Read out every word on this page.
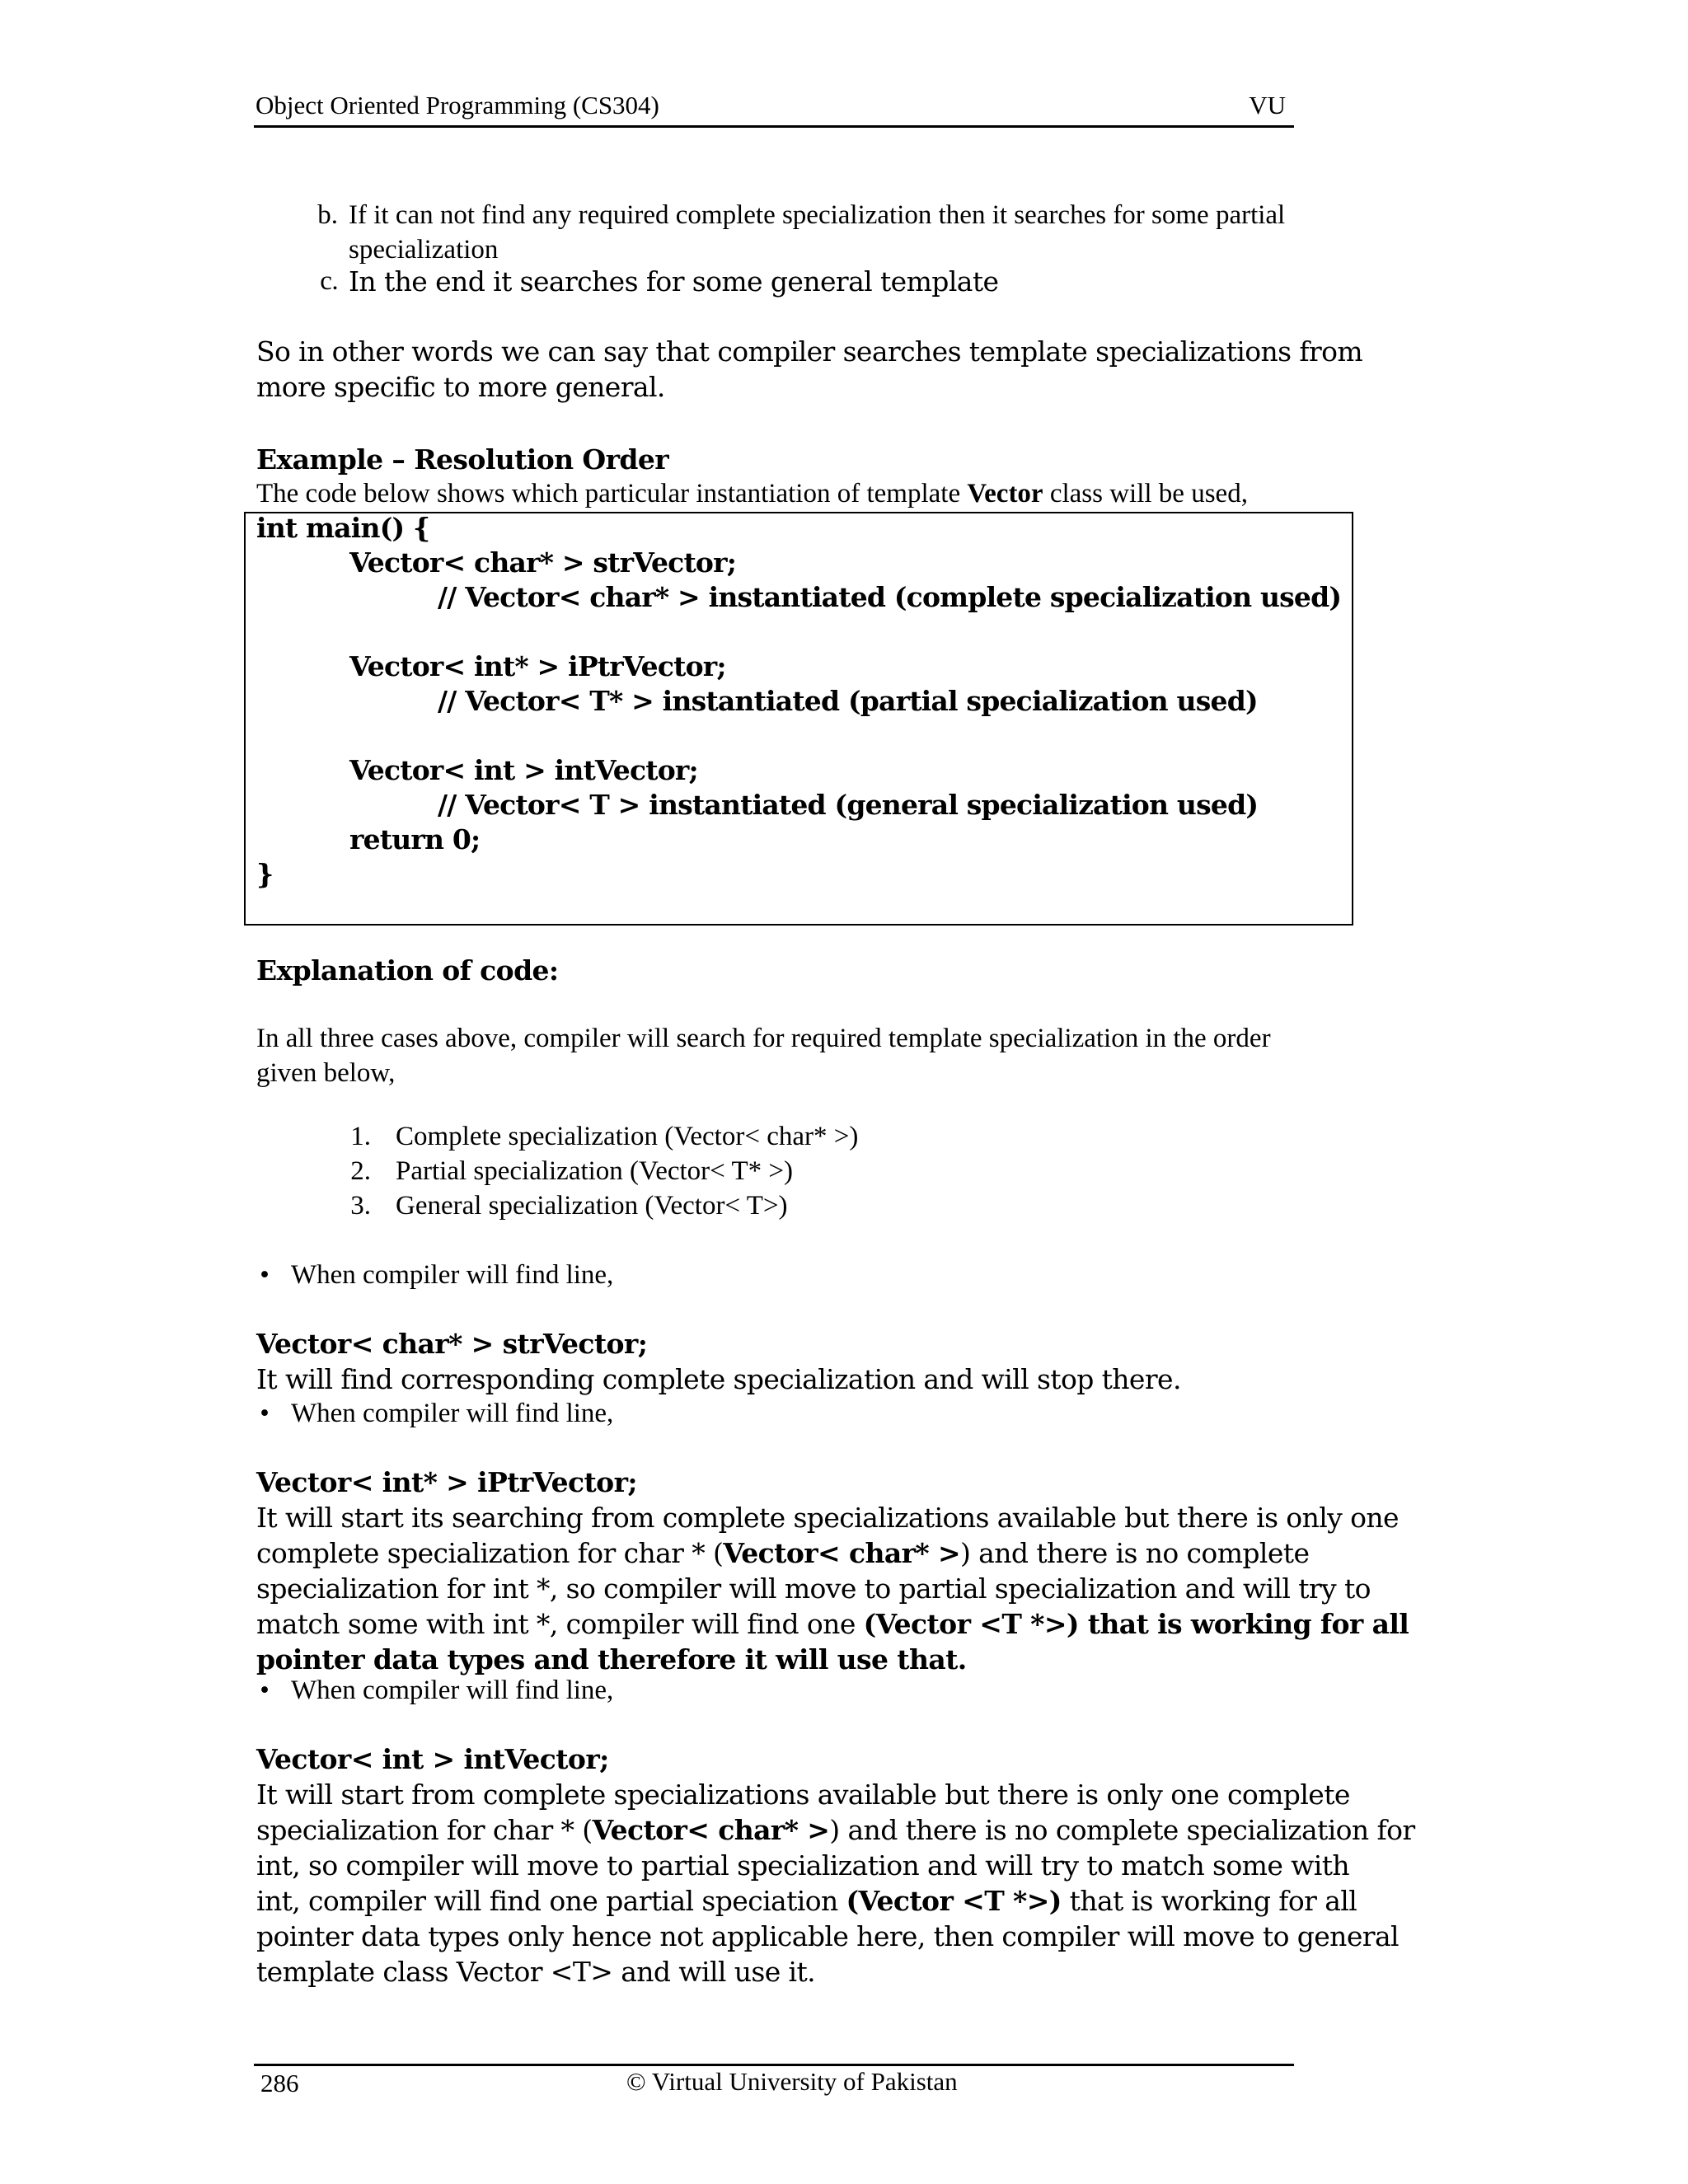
Object Oriented Programming (CS304)	VU
b. If it can not find any required complete specialization then it searches for some partial
specialization
c. In the end it searches for some general template
So in other words we can say that compiler searches template specializations from
more specific to more general.
Example – Resolution Order
The code below shows which particular instantiation of template Vector class will be used,
int main() {
Vector< char* > strVector;
// Vector< char* > instantiated (complete specialization used)
Vector< int* > iPtrVector;
// Vector< T* > instantiated (partial specialization used)
Vector< int > intVector;
// Vector< T > instantiated (general specialization used)
return 0;
}
Explanation of code:
In all three cases above, compiler will search for required template specialization in the order
given below,
1. Complete specialization (Vector< char* >)
2. Partial specialization (Vector< T* >)
3. General specialization (Vector< T>)
• When compiler will find line,
Vector< char* > strVector;
It will find corresponding complete specialization and will stop there.
• When compiler will find line,
Vector< int* > iPtrVector;
It will start its searching from complete specializations available but there is only one
complete specialization for char * (Vector< char* >) and there is no complete
specialization for int *, so compiler will move to partial specialization and will try to
match some with int *, compiler will find one (Vector <T *>) that is working for all
pointer data types and therefore it will use that.
• When compiler will find line,
Vector< int > intVector;
It will start from complete specializations available but there is only one complete
specialization for char * (Vector< char* >) and there is no complete specialization for
int, so compiler will move to partial specialization and will try to match some with
int, compiler will find one partial speciation (Vector <T *>) that is working for all
pointer data types only hence not applicable here, then compiler will move to general
template class Vector <T> and will use it.
286	© Virtual University of Pakistan
